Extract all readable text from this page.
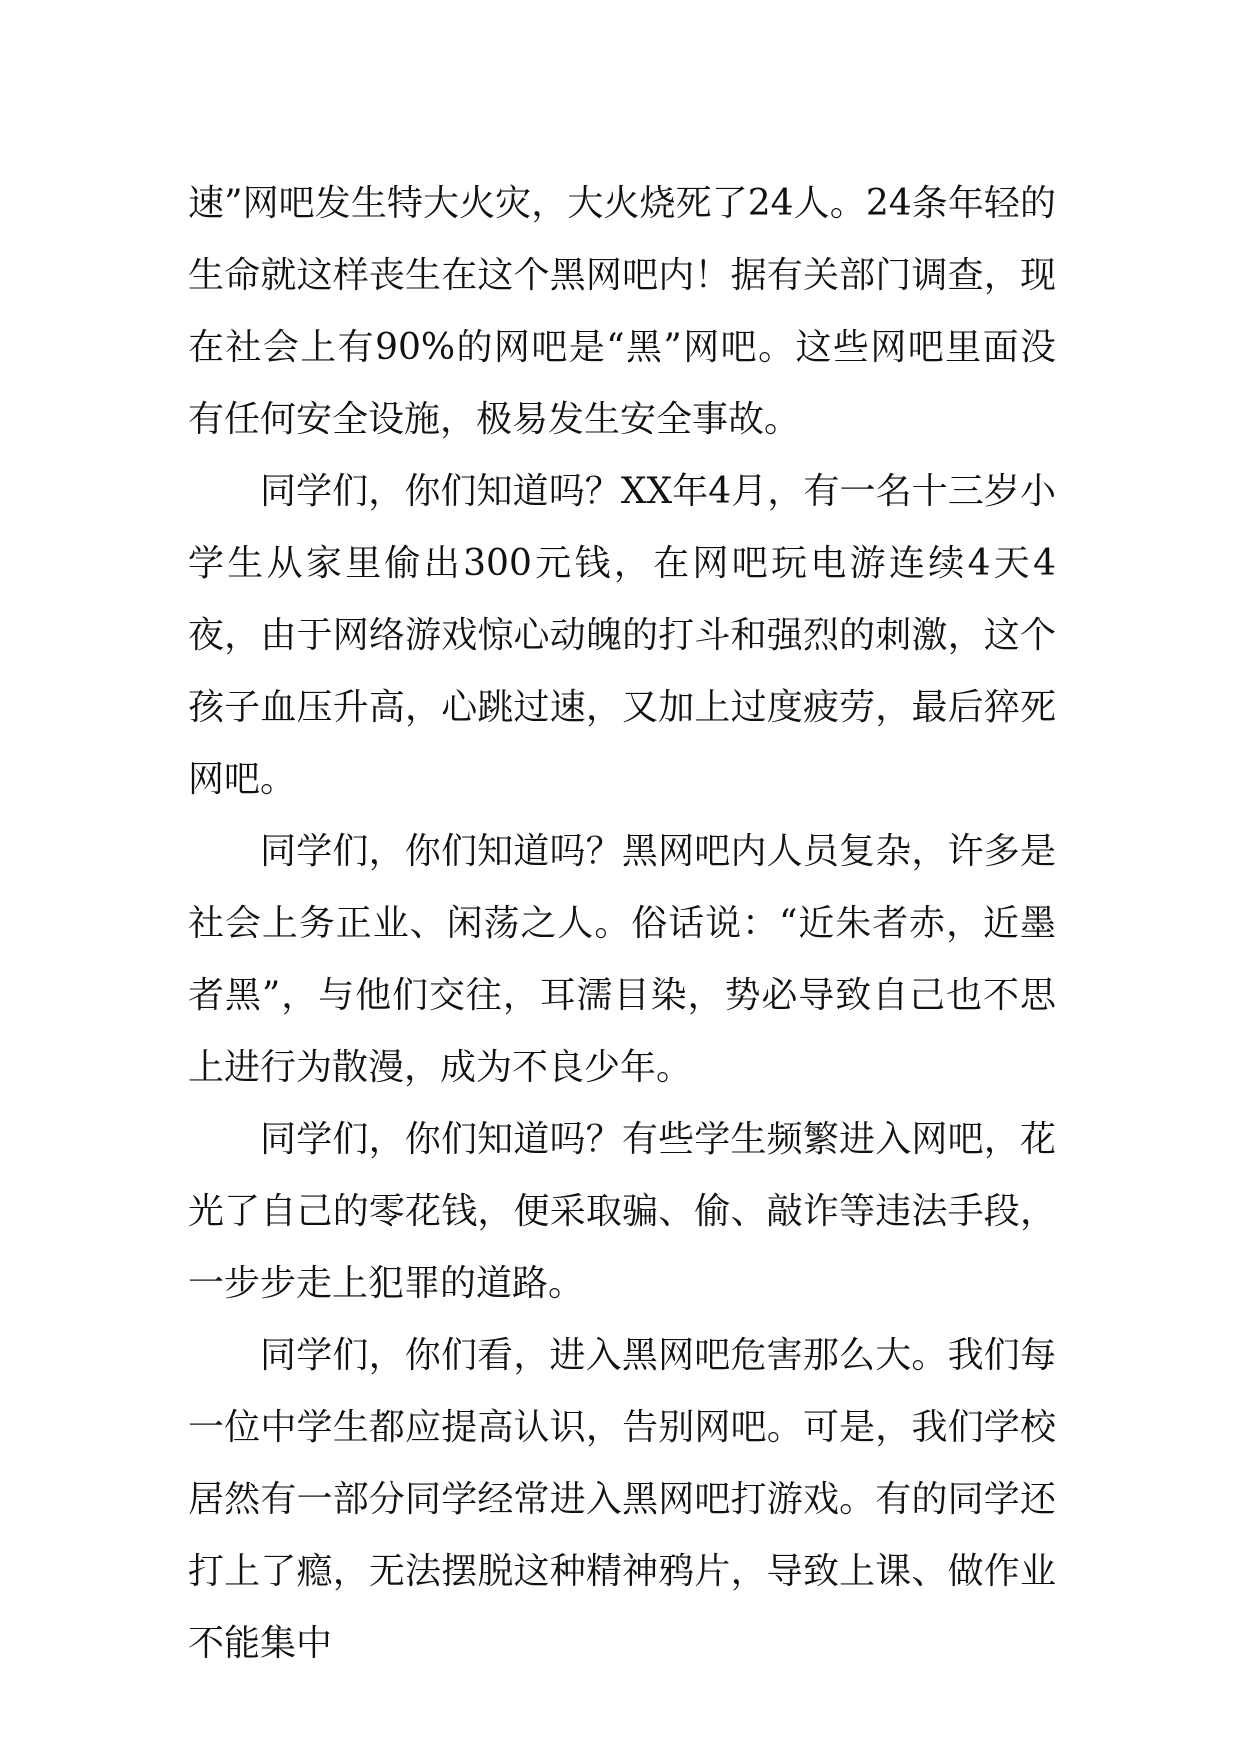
速”网吧发生特大火灾，大火烧死了24人。24条年轻的生命就这样丧生在这个黑网吧内！据有关部门调查，现在社会上有90%的网吧是“黑”网吧。这些网吧里面没有任何安全设施，极易发生安全事故。

同学们，你们知道吗？XX年4月，有一名十三岁小学生从家里偷出300元钱，在网吧玩电游连续4天4夜，由于网络游戏惊心动魄的打斗和强烈的刺激，这个孩子血压升高，心跳过速，又加上过度疲劳，最后猝死网吧。

同学们，你们知道吗？黑网吧内人员复杂，许多是社会上务正业、闲荡之人。俗话说：“近朱者赤，近墨者黑”，与他们交往，耳濡目染，势必导致自己也不思上进行为散漫，成为不良少年。

同学们，你们知道吗？有些学生频繁进入网吧，花光了自己的零花钱，便采取骗、偷、敲诈等违法手段，一步步走上犯罪的道路。

同学们，你们看，进入黑网吧危害那么大。我们每一位中学生都应提高认识，告别网吧。可是，我们学校居然有一部分同学经常进入黑网吧打游戏。有的同学还打上了瘾，无法摆脱这种精神鸦片，导致上课、做作业不能集中
